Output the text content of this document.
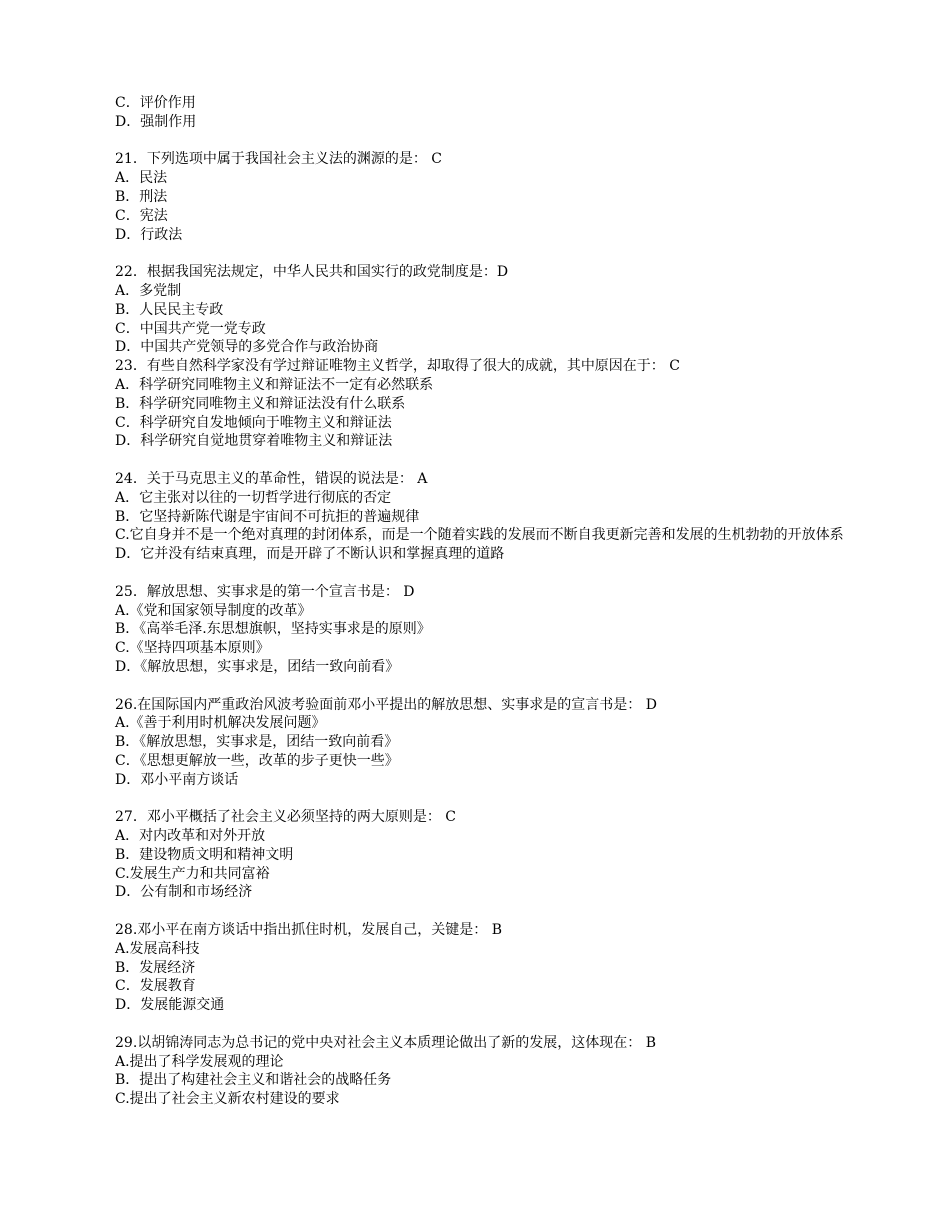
C．评价作用
D．强制作用
21．下列选项中属于我国社会主义法的渊源的是： C
A．民法
B．刑法
C．宪法
D．行政法
22．根据我国宪法规定，中华人民共和国实行的政党制度是：D
A．多党制
B．人民民主专政
C．中国共产党一党专政
D．中国共产党领导的多党合作与政治协商
23．有些自然科学家没有学过辩证唯物主义哲学，却取得了很大的成就，其中原因在于： C
A．科学研究同唯物主义和辩证法不一定有必然联系
B．科学研究同唯物主义和辩证法没有什么联系
C．科学研究自发地倾向于唯物主义和辩证法
D．科学研究自觉地贯穿着唯物主义和辩证法
24．关于马克思主义的革命性，错误的说法是： A
A．它主张对以往的一切哲学进行彻底的否定
B．它坚持新陈代谢是宇宙间不可抗拒的普遍规律
C.它自身并不是一个绝对真理的封闭体系，而是一个随着实践的发展而不断自我更新完善和发展的生机勃勃的开放体系
D．它并没有结束真理，而是开辟了不断认识和掌握真理的道路
25．解放思想、实事求是的第一个宣言书是： D
A.《党和国家领导制度的改革》
B．《高举毛泽.东思想旗帜，坚持实事求是的原则》
C.《坚持四项基本原则》
D．《解放思想，实事求是，团结一致向前看》
26.在国际国内严重政治风波考验面前邓小平提出的解放思想、实事求是的宣言书是： D
A.《善于利用时机解决发展问题》
B．《解放思想，实事求是，团结一致向前看》
C．《思想更解放一些，改革的步子更快一些》
D．邓小平南方谈话
27．邓小平概括了社会主义必须坚持的两大原则是： C
A．对内改革和对外开放
B．建设物质文明和精神文明
C.发展生产力和共同富裕
D．公有制和市场经济
28.邓小平在南方谈话中指出抓住时机，发展自己，关键是： B
A.发展高科技
B．发展经济
C．发展教育
D．发展能源交通
29.以胡锦涛同志为总书记的党中央对社会主义本质理论做出了新的发展，这体现在： B
A.提出了科学发展观的理论
B．提出了构建社会主义和谐社会的战略任务
C.提出了社会主义新农村建设的要求
